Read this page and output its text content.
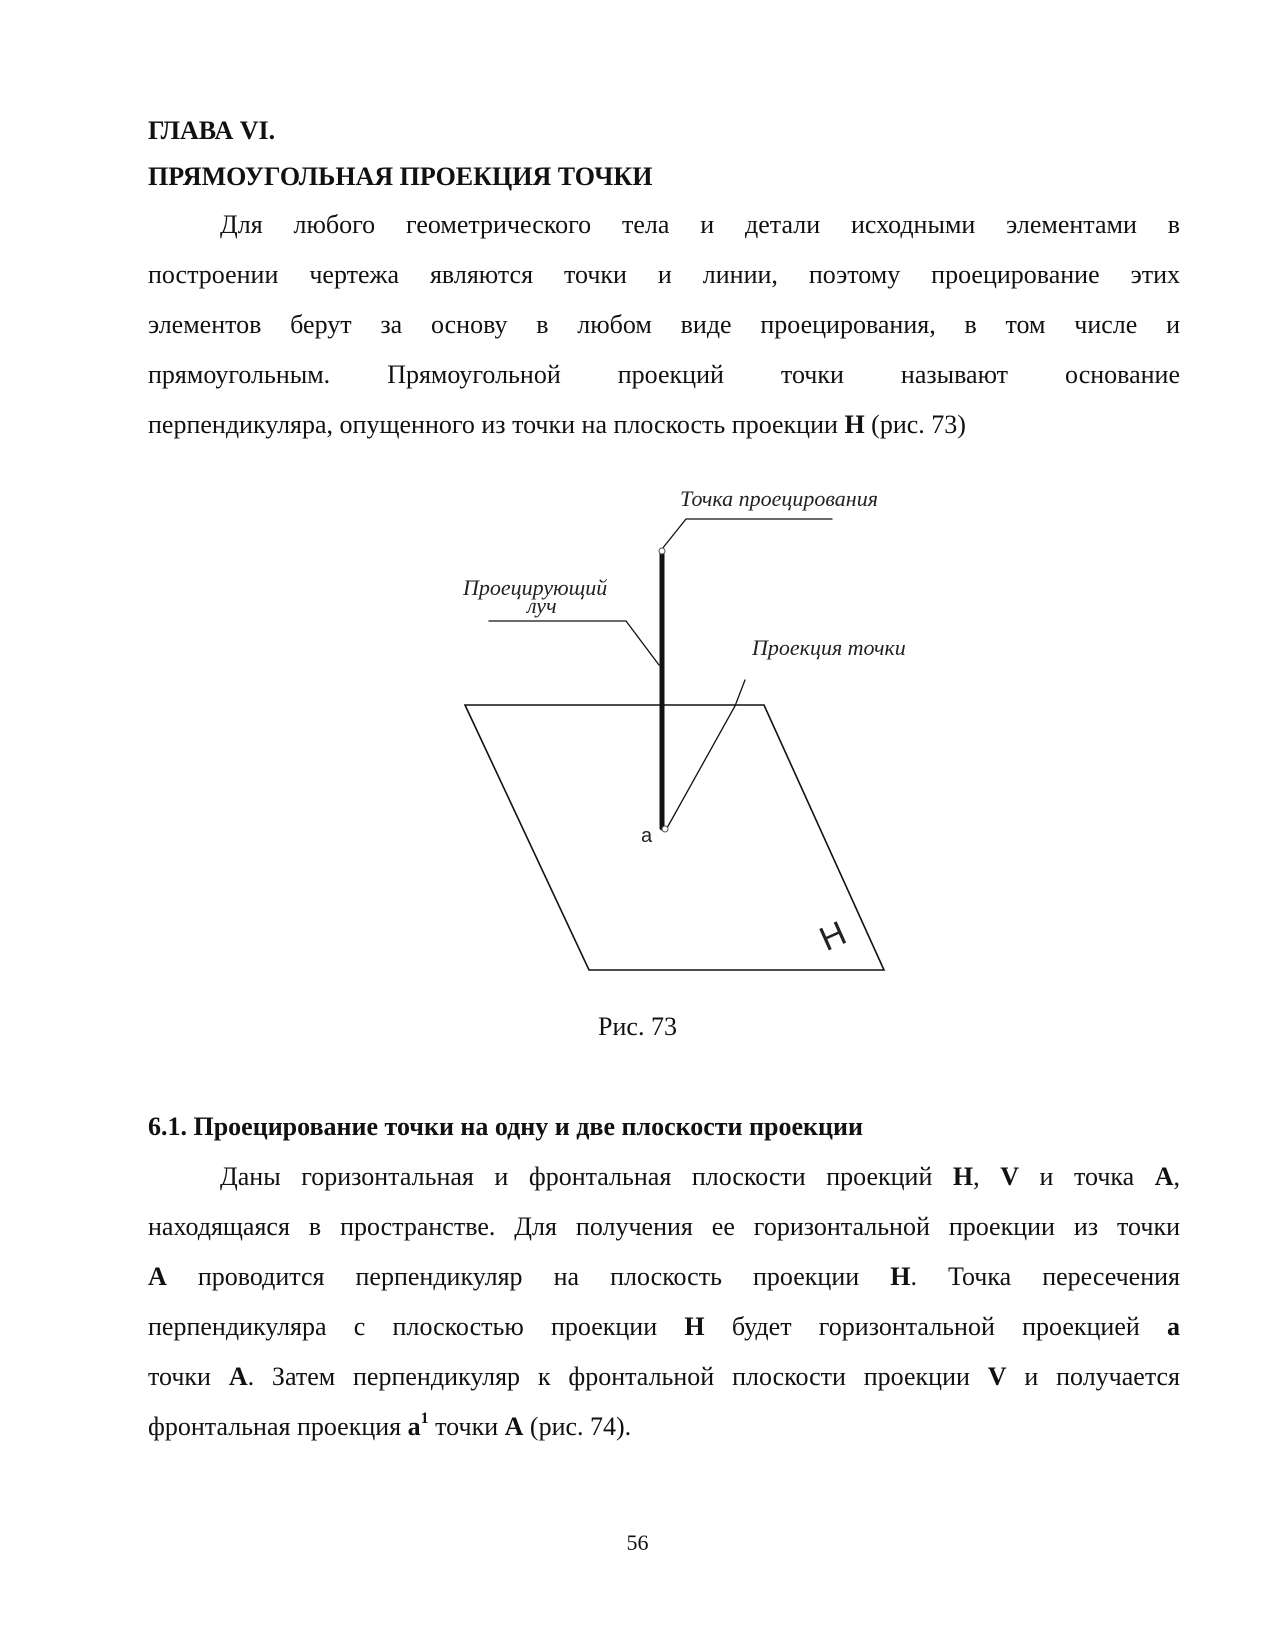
ГЛАВА VI.
ПРЯМОУГОЛЬНАЯ ПРОЕКЦИЯ ТОЧКИ

Для любого геометрического тела и детали исходными элементами в

построении чертежа являются точки и линии, поэтому проецирование этих

элементов берут за основу в любом виде проецирования, в том числе и

прямоугольным. Прямоугольной проекций точки называют основание

перпендикуляра, опущенного из точки на плоскость проекции H (рис. 73)

Точка проецирования
Проецирующий
луч
Проекция точки
a
H
Рис. 73
6.1. Проецирование точки на одну и две плоскости проекции

Даны горизонтальная и фронтальная плоскости проекций H, V и точка A,

находящаяся в пространстве. Для получения ее горизонтальной проекции из точки

A проводится перпендикуляр на плоскость проекции H. Точка пересечения

перпендикуляра с плоскостью проекции H будет горизонтальной проекцией a

точки A. Затем перпендикуляр к фронтальной плоскости проекции V и получается

фронтальная проекция $a^1$ точки A (рис. 74).

56
